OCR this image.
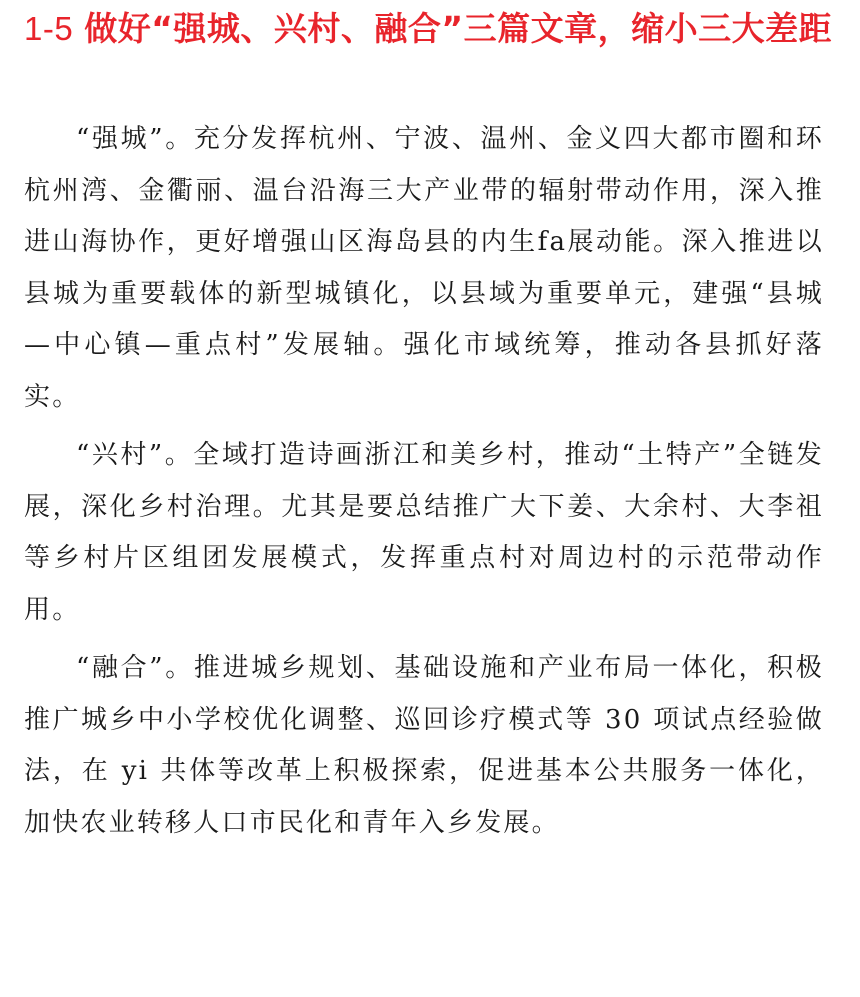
1-5 做好“强城、兴村、融合”三篇文章，缩小三大差距

“强城”。充分发挥杭州、宁波、温州、金义四大都市圈和环杭州湾、金衢丽、温台沿海三大产业带的辐射带动作用，深入推进山海协作，更好增强山区海岛县的内生fa展动能。深入推进以县城为重要载体的新型城镇化，以县域为重要单元，建强“县城—中心镇—重点村”发展轴。强化市域统筹，推动各县抓好落实。

“兴村”。全域打造诗画浙江和美乡村，推动“土特产”全链发展，深化乡村治理。尤其是要总结推广大下姜、大余村、大李祖等乡村片区组团发展模式，发挥重点村对周边村的示范带动作用。

“融合”。推进城乡规划、基础设施和产业布局一体化，积极推广城乡中小学校优化调整、巡回诊疗模式等 30 项试点经验做法，在 yi 共体等改革上积极探索，促进基本公共服务一体化，加快农业转移人口市民化和青年入乡发展。
